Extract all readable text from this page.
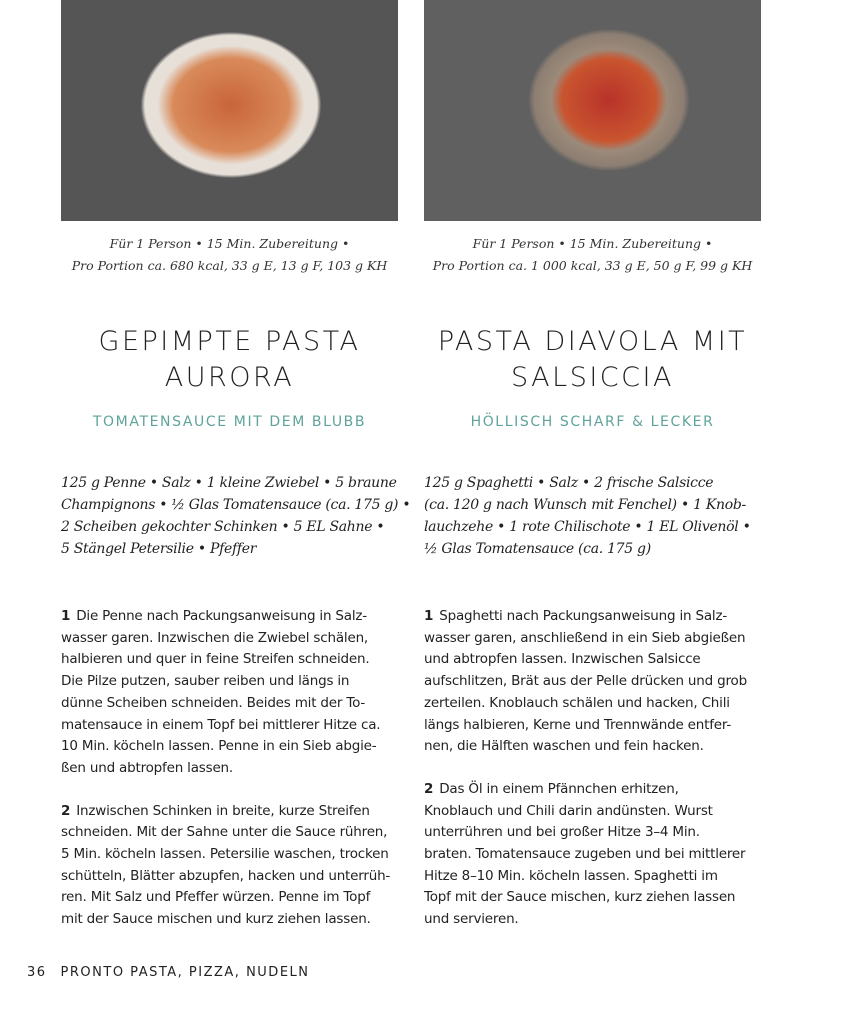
Für 1 Person • 15 Min. Zubereitung •
Pro Portion ca. 680 kcal, 33 g E, 13 g F, 103 g KH
GEPIMPTE PASTA
AURORA
TOMATENSAUCE MIT DEM BLUBB
125 g Penne • Salz • 1 kleine Zwiebel • 5 braune
Champignons • ½ Glas Tomatensauce (ca. 175 g) •
2 Scheiben gekochter Schinken • 5 EL Sahne •
5 Stängel Petersilie • Pfeffer
1 Die Penne nach Packungsanweisung in Salz-
wasser garen. Inzwischen die Zwiebel schälen,
halbieren und quer in feine Streifen schneiden.
Die Pilze putzen, sauber reiben und längs in
dünne Scheiben schneiden. Beides mit der To-
matensauce in einem Topf bei mittlerer Hitze ca.
10 Min. köcheln lassen. Penne in ein Sieb abgie-
ßen und abtropfen lassen.
2 Inzwischen Schinken in breite, kurze Streifen
schneiden. Mit der Sahne unter die Sauce rühren,
5 Min. köcheln lassen. Petersilie waschen, trocken
schütteln, Blätter abzupfen, hacken und unterrüh-
ren. Mit Salz und Pfeffer würzen. Penne im Topf
mit der Sauce mischen und kurz ziehen lassen.
Für 1 Person • 15 Min. Zubereitung •
Pro Portion ca. 1 000 kcal, 33 g E, 50 g F, 99 g KH
PASTA DIAVOLA MIT
SALSICCIA
HÖLLISCH SCHARF & LECKER
125 g Spaghetti • Salz • 2 frische Salsicce
(ca. 120 g nach Wunsch mit Fenchel) • 1 Knob-
lauchzehe • 1 rote Chilischote • 1 EL Olivenöl •
½ Glas Tomatensauce (ca. 175 g)
1 Spaghetti nach Packungsanweisung in Salz-
wasser garen, anschließend in ein Sieb abgießen
und abtropfen lassen. Inzwischen Salsicce
aufschlitzen, Brät aus der Pelle drücken und grob
zerteilen. Knoblauch schälen und hacken, Chili
längs halbieren, Kerne und Trennwände entfer-
nen, die Hälften waschen und fein hacken.
2 Das Öl in einem Pfännchen erhitzen,
Knoblauch und Chili darin andünsten. Wurst
unterrühren und bei großer Hitze 3–4 Min.
braten. Tomatensauce zugeben und bei mittlerer
Hitze 8–10 Min. köcheln lassen. Spaghetti im
Topf mit der Sauce mischen, kurz ziehen lassen
und servieren.
36 PRONTO PASTA, PIZZA, NUDELN
